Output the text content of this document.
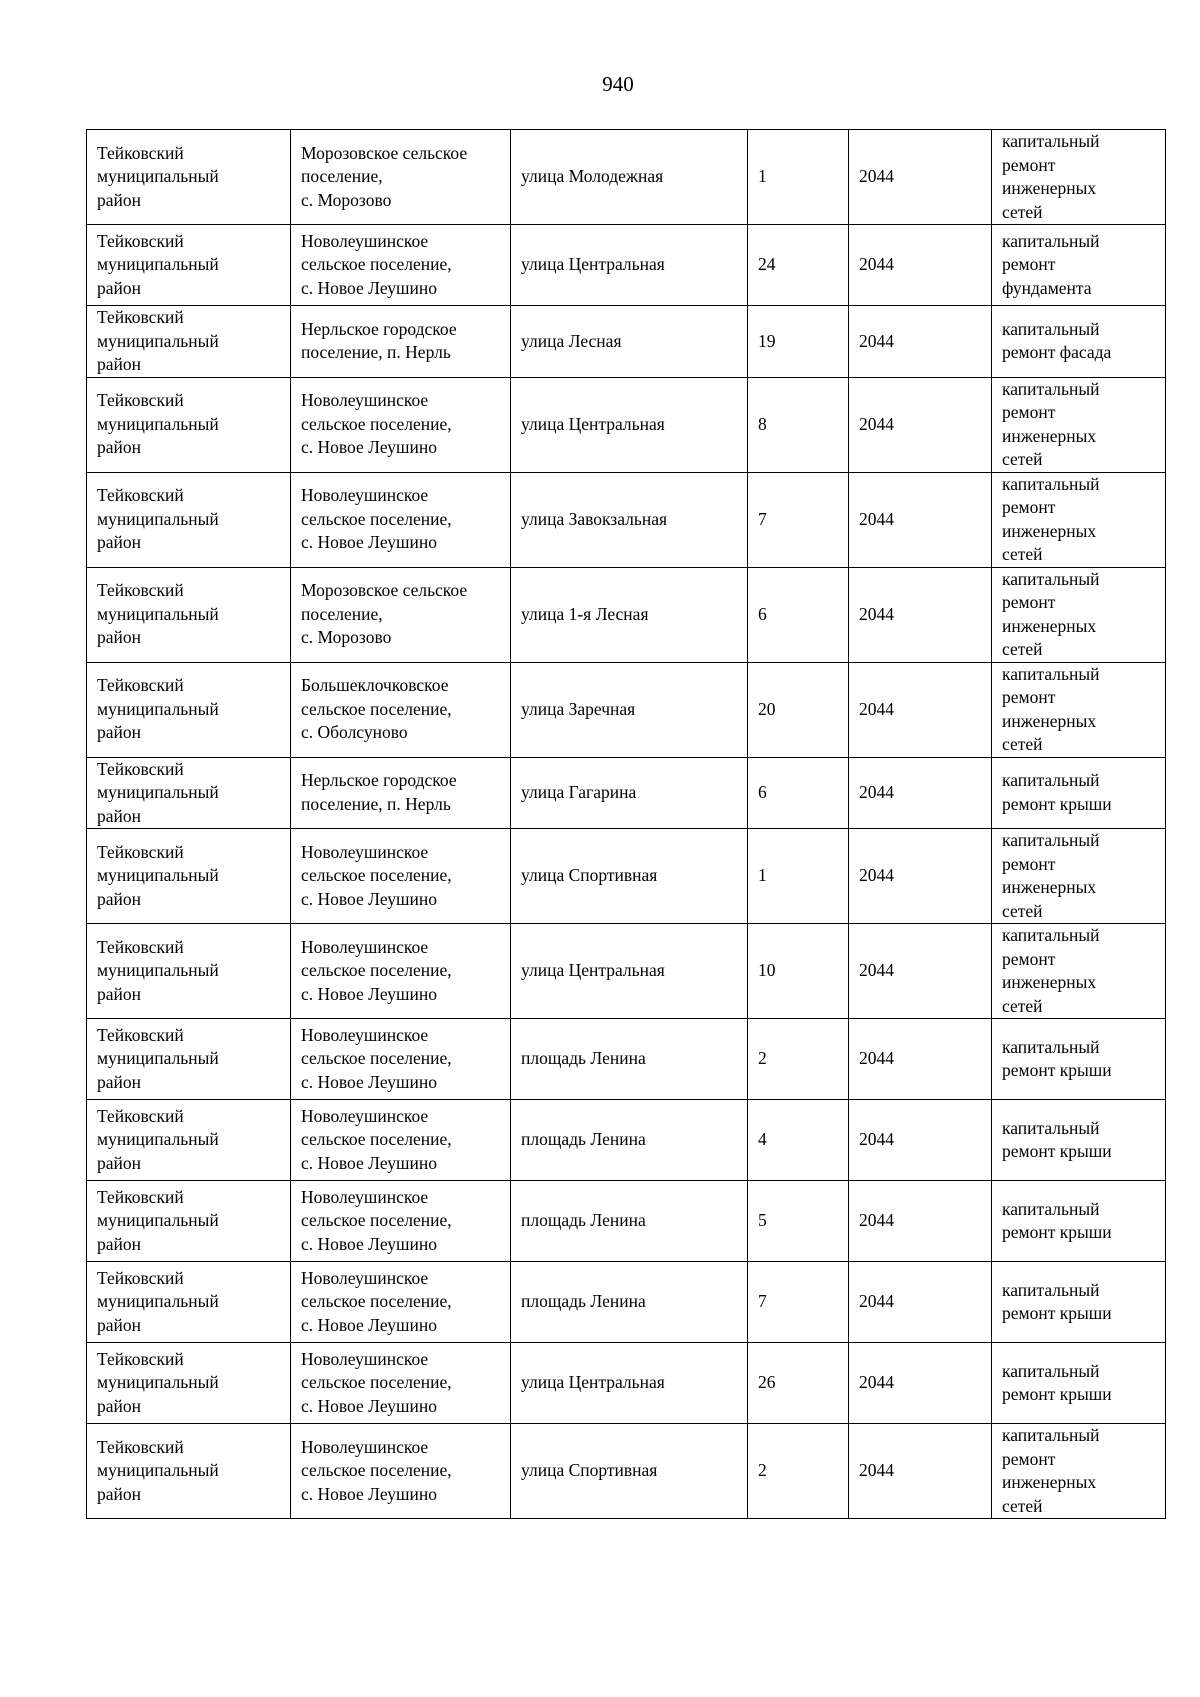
940
Тейковский
муниципальный
район	Морозовское сельское
поселение,
с. Морозово	улица Молодежная	1	2044	капитальный
ремонт
инженерных
сетей
Тейковский
муниципальный
район	Новолеушинское
сельское поселение,
с. Новое Леушино	улица Центральная	24	2044	капитальный
ремонт
фундамента
Тейковский
муниципальный
район	Нерльское городское
поселение, п. Нерль	улица Лесная	19	2044	капитальный
ремонт фасада
Тейковский
муниципальный
район	Новолеушинское
сельское поселение,
с. Новое Леушино	улица Центральная	8	2044	капитальный
ремонт
инженерных
сетей
Тейковский
муниципальный
район	Новолеушинское
сельское поселение,
с. Новое Леушино	улица Завокзальная	7	2044	капитальный
ремонт
инженерных
сетей
Тейковский
муниципальный
район	Морозовское сельское
поселение,
с. Морозово	улица 1-я Лесная	6	2044	капитальный
ремонт
инженерных
сетей
Тейковский
муниципальный
район	Большеклочковское
сельское поселение,
с. Оболсуново	улица Заречная	20	2044	капитальный
ремонт
инженерных
сетей
Тейковский
муниципальный
район	Нерльское городское
поселение, п. Нерль	улица Гагарина	6	2044	капитальный
ремонт крыши
Тейковский
муниципальный
район	Новолеушинское
сельское поселение,
с. Новое Леушино	улица Спортивная	1	2044	капитальный
ремонт
инженерных
сетей
Тейковский
муниципальный
район	Новолеушинское
сельское поселение,
с. Новое Леушино	улица Центральная	10	2044	капитальный
ремонт
инженерных
сетей
Тейковский
муниципальный
район	Новолеушинское
сельское поселение,
с. Новое Леушино	площадь Ленина	2	2044	капитальный
ремонт крыши
Тейковский
муниципальный
район	Новолеушинское
сельское поселение,
с. Новое Леушино	площадь Ленина	4	2044	капитальный
ремонт крыши
Тейковский
муниципальный
район	Новолеушинское
сельское поселение,
с. Новое Леушино	площадь Ленина	5	2044	капитальный
ремонт крыши
Тейковский
муниципальный
район	Новолеушинское
сельское поселение,
с. Новое Леушино	площадь Ленина	7	2044	капитальный
ремонт крыши
Тейковский
муниципальный
район	Новолеушинское
сельское поселение,
с. Новое Леушино	улица Центральная	26	2044	капитальный
ремонт крыши
Тейковский
муниципальный
район	Новолеушинское
сельское поселение,
с. Новое Леушино	улица Спортивная	2	2044	капитальный
ремонт
инженерных
сетей
